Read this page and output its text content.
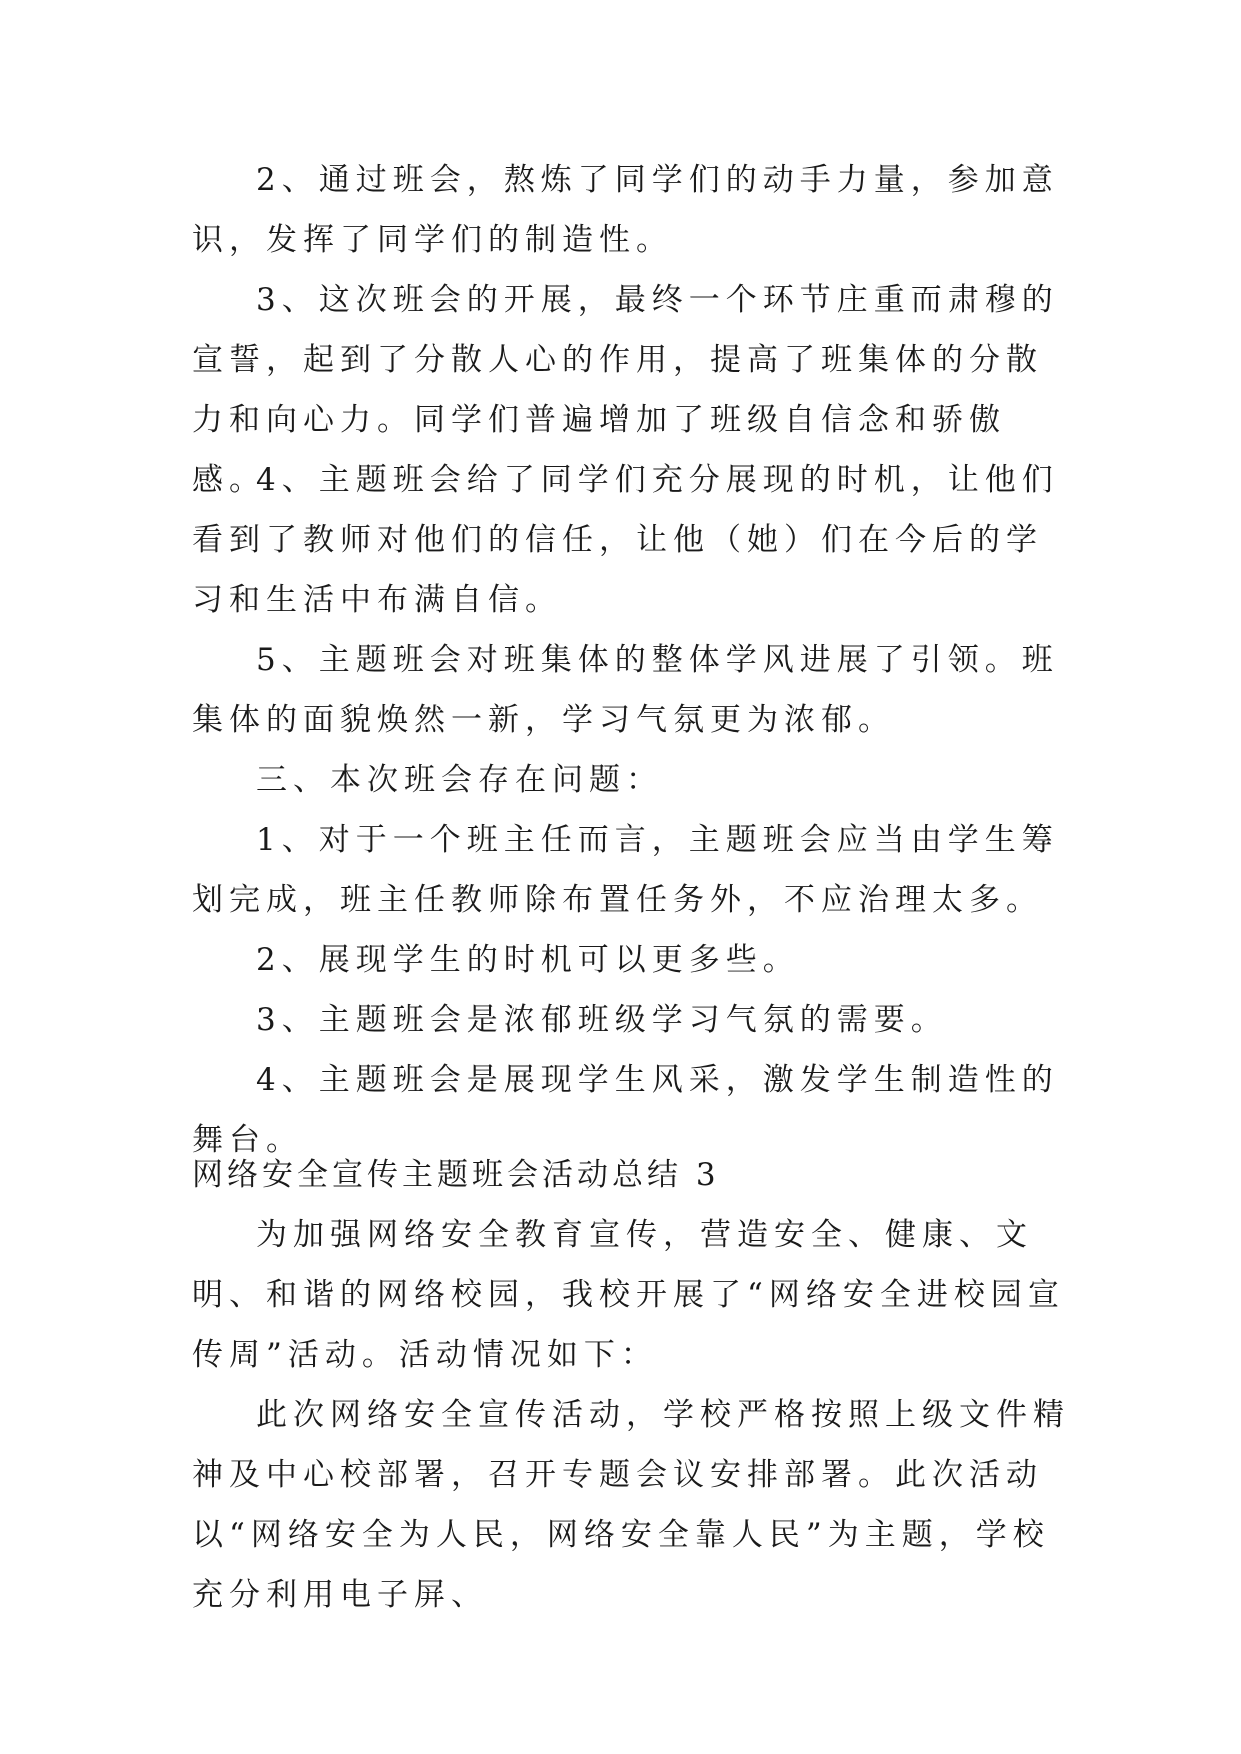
2、通过班会，熬炼了同学们的动手力量，参加意识，发挥了同学们的制造性。

3、这次班会的开展，最终一个环节庄重而肃穆的宣誓，起到了分散人心的作用，提高了班集体的分散力和向心力。同学们普遍增加了班级自信念和骄傲感。

4、主题班会给了同学们充分展现的时机，让他们看到了教师对他们的信任，让他（她）们在今后的学习和生活中布满自信。

5、主题班会对班集体的整体学风进展了引领。班集体的面貌焕然一新，学习气氛更为浓郁。

三、本次班会存在问题：

1、对于一个班主任而言，主题班会应当由学生筹划完成，班主任教师除布置任务外，不应治理太多。

2、展现学生的时机可以更多些。

3、主题班会是浓郁班级学习气氛的需要。

4、主题班会是展现学生风采，激发学生制造性的舞台。

网络安全宣传主题班会活动总结 3

为加强网络安全教育宣传，营造安全、健康、文明、和谐的网络校园，我校开展了“网络安全进校园宣传周”活动。活动情况如下：

此次网络安全宣传活动，学校严格按照上级文件精神及中心校部署，召开专题会议安排部署。此次活动以“网络安全为人民，网络安全靠人民”为主题，学校充分利用电子屏、
